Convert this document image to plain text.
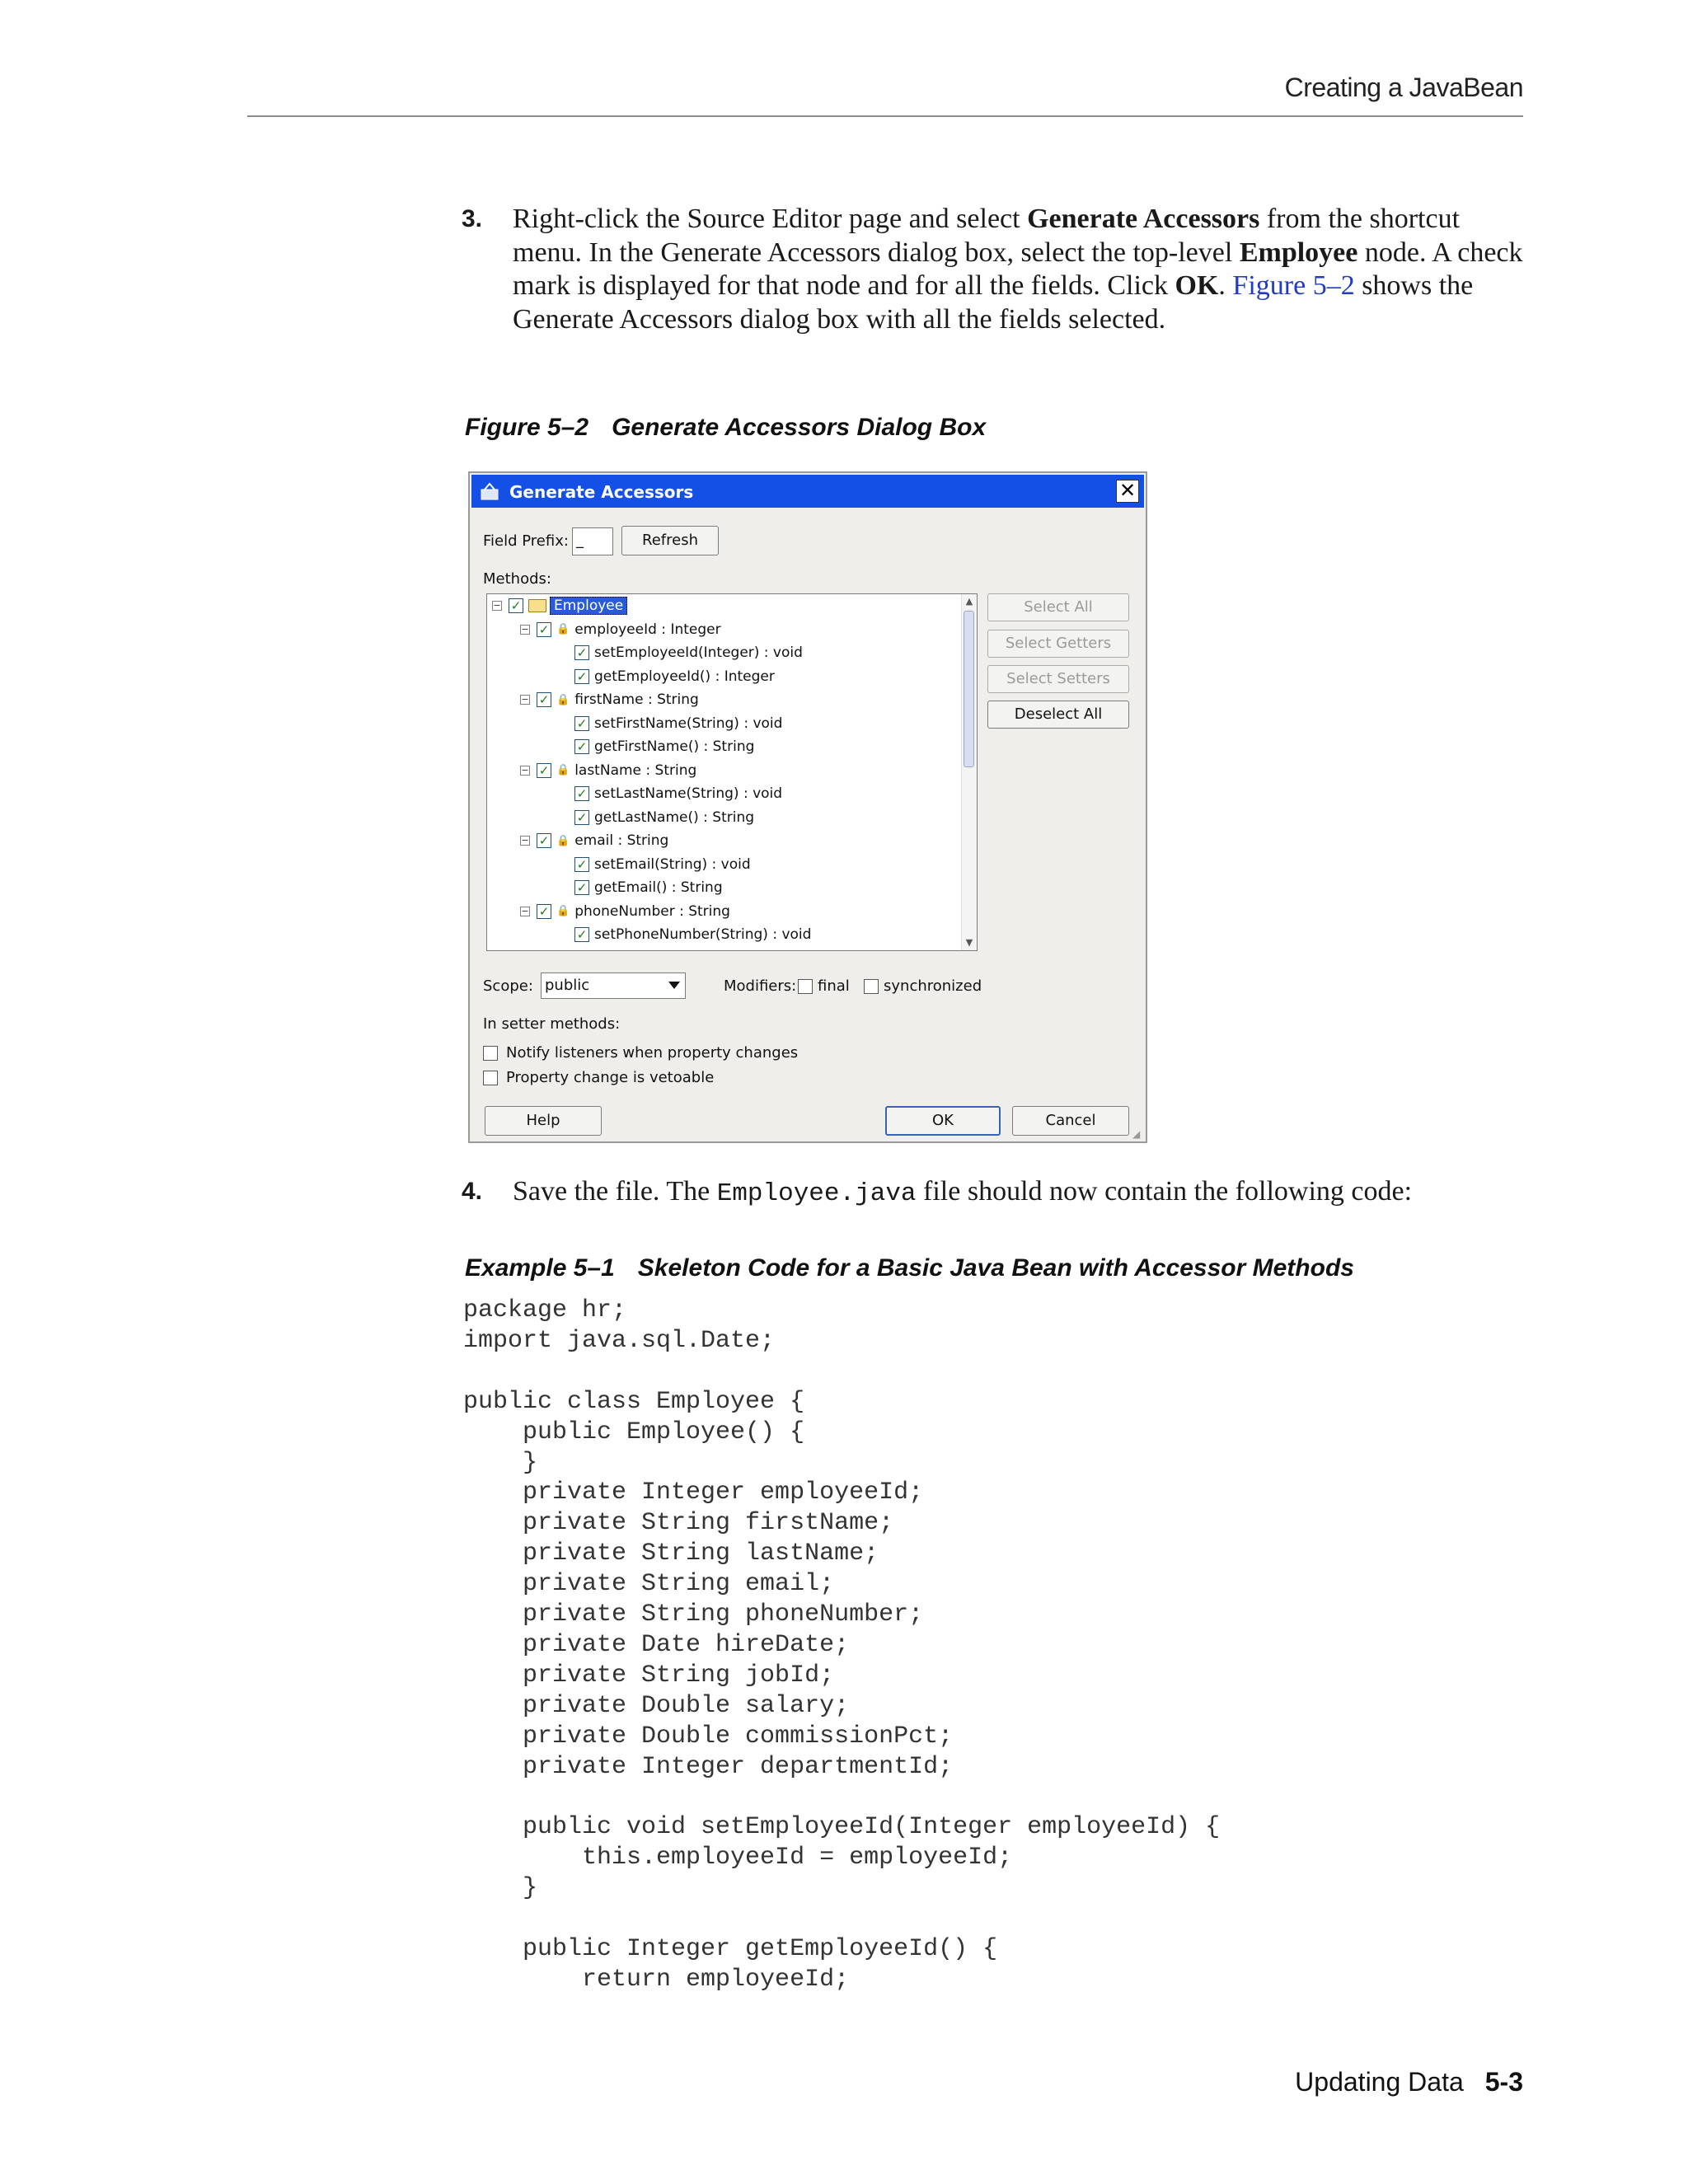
Creating a JavaBean
3. Right-click the Source Editor page and select Generate Accessors from the shortcut menu. In the Generate Accessors dialog box, select the top-level Employee node. A check mark is displayed for that node and for all the fields. Click OK. Figure 5–2 shows the Generate Accessors dialog box with all the fields selected.
Figure 5–2 Generate Accessors Dialog Box
Generate Accessors	✕
Field Prefix: _	Refresh
Methods:
− ✓ Employee
− ✓ 🔒 employeeId : Integer
✓ setEmployeeId(Integer) : void
✓ getEmployeeId() : Integer
− ✓ 🔒 firstName : String
✓ setFirstName(String) : void
✓ getFirstName() : String
− ✓ 🔒 lastName : String
✓ setLastName(String) : void
✓ getLastName() : String
− ✓ 🔒 email : String
✓ setEmail(String) : void
✓ getEmail() : String
− ✓ 🔒 phoneNumber : String
✓ setPhoneNumber(String) : void
▲
▼
Select All
Select Getters
Select Setters
Deselect All
Scope: public	Modifiers: final synchronized
In setter methods:
Notify listeners when property changes
Property change is vetoable
Help	OK	Cancel
◢
4. Save the file. The Employee.java file should now contain the following code:
Example 5–1 Skeleton Code for a Basic Java Bean with Accessor Methods
package hr;
import java.sql.Date;

public class Employee {
public Employee() {
}
private Integer employeeId;
private String firstName;
private String lastName;
private String email;
private String phoneNumber;
private Date hireDate;
private String jobId;
private Double salary;
private Double commissionPct;
private Integer departmentId;

public void setEmployeeId(Integer employeeId) {
this.employeeId = employeeId;
}

public Integer getEmployeeId() {
return employeeId;
Updating Data 5-3
